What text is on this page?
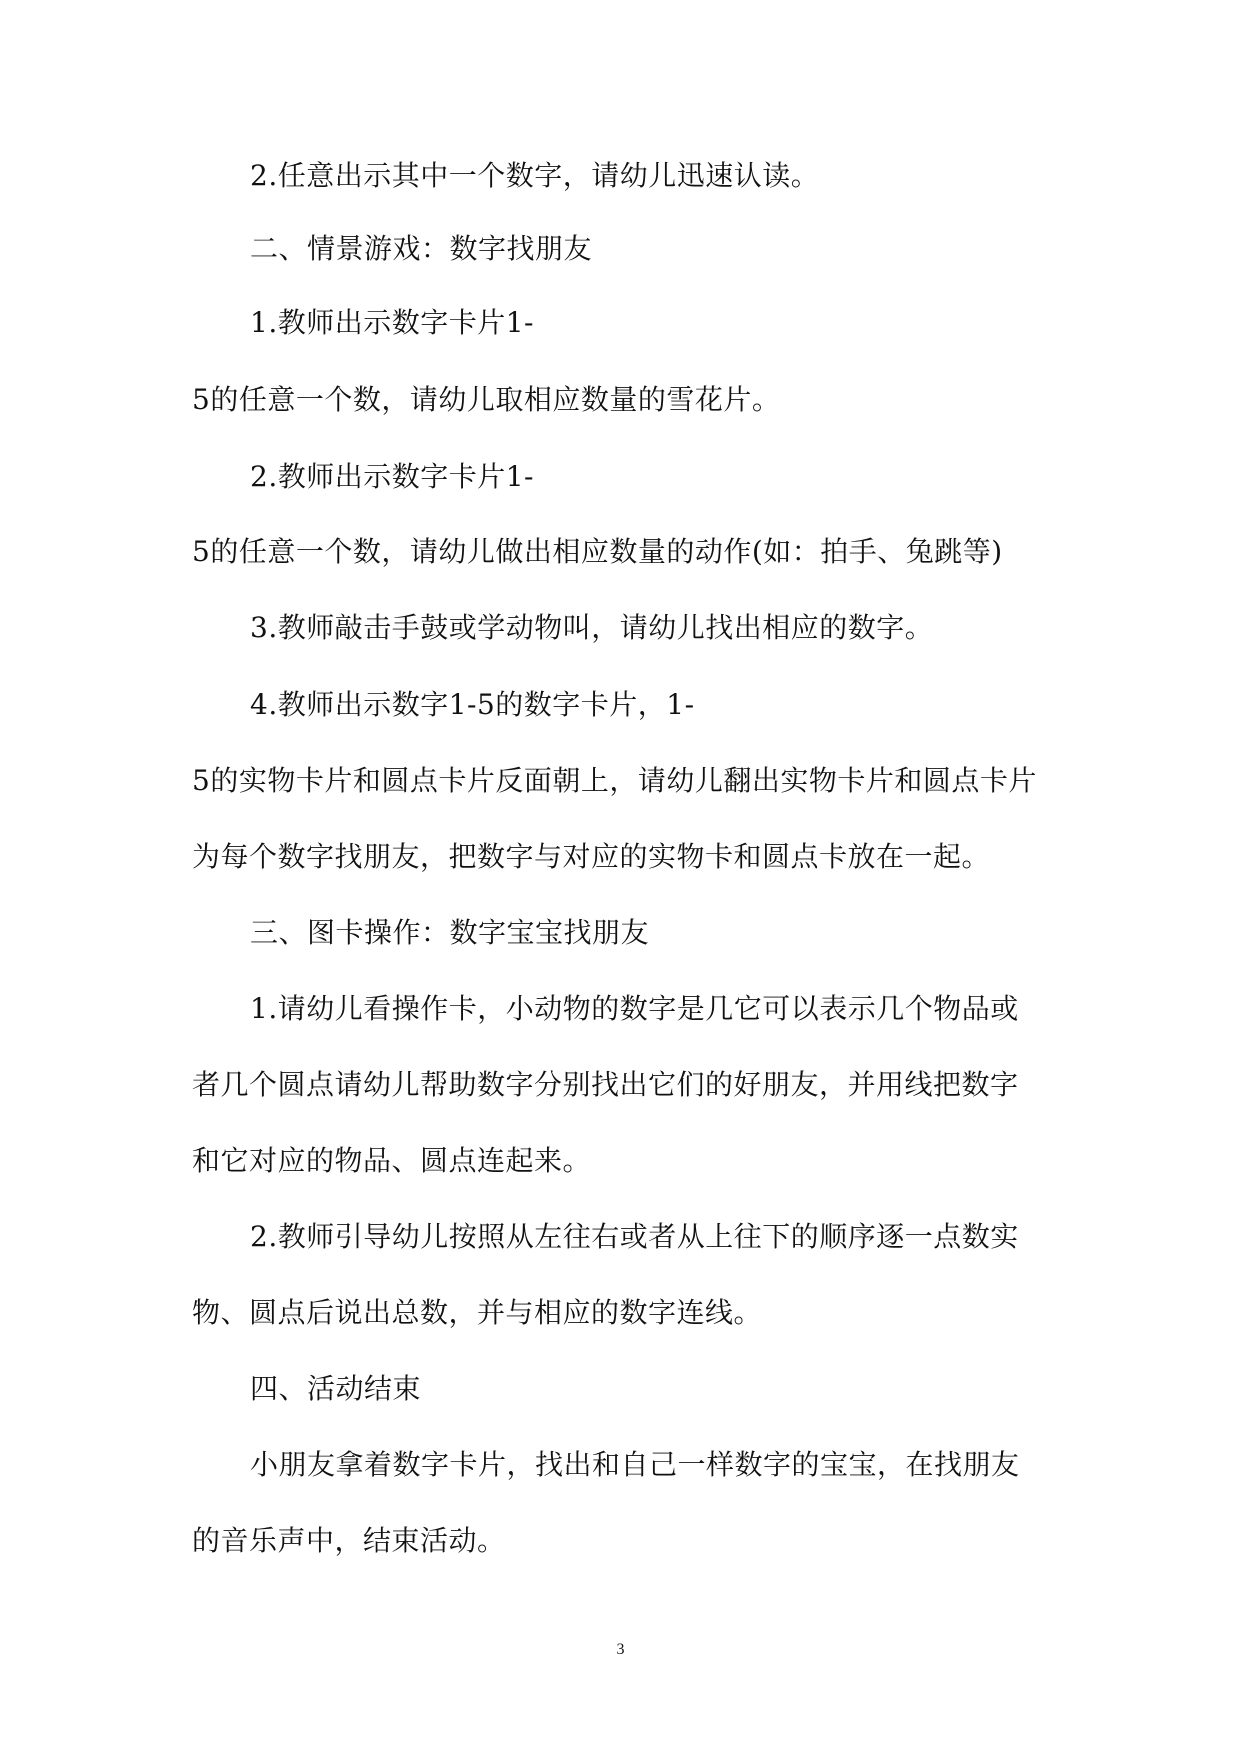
2.任意出示其中一个数字，请幼儿迅速认读。
二、情景游戏：数字找朋友
1.教师出示数字卡片1-
5的任意一个数，请幼儿取相应数量的雪花片。
2.教师出示数字卡片1-
5的任意一个数，请幼儿做出相应数量的动作(如：拍手、兔跳等)
3.教师敲击手鼓或学动物叫，请幼儿找出相应的数字。
4.教师出示数字1-5的数字卡片，1-
5的实物卡片和圆点卡片反面朝上，请幼儿翻出实物卡片和圆点卡片
为每个数字找朋友，把数字与对应的实物卡和圆点卡放在一起。
三、图卡操作：数字宝宝找朋友
1.请幼儿看操作卡，小动物的数字是几它可以表示几个物品或
者几个圆点请幼儿帮助数字分别找出它们的好朋友，并用线把数字
和它对应的物品、圆点连起来。
2.教师引导幼儿按照从左往右或者从上往下的顺序逐一点数实
物、圆点后说出总数，并与相应的数字连线。
四、活动结束
小朋友拿着数字卡片，找出和自己一样数字的宝宝，在找朋友
的音乐声中，结束活动。
3
